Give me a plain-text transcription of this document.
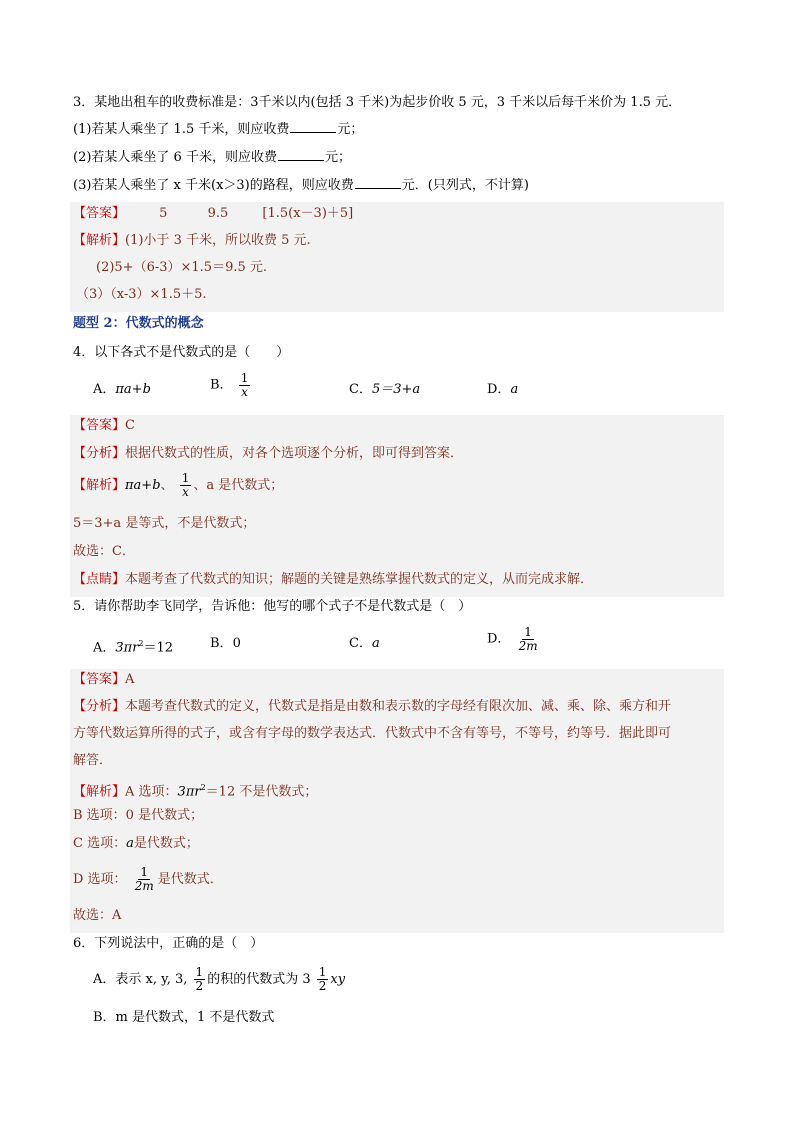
3．某地出租车的收费标准是：3千米以内(包括 3 千米)为起步价收 5 元，3 千米以后每千米价为 1.5 元．
(1)若某人乘坐了 1.5 千米，则应收费	元；
(2)若某人乘坐了 6 千米，则应收费	元；
(3)若某人乘坐了 x 千米(x＞3)的路程，则应收费	元．(只列式，不计算)
【答案】	5	9.5	[1.5(x－3)＋5]
【解析】(1)小于 3 千米，所以收费 5 元.
(2)5+（6-3）×1.5＝9.5 元.
（3）（x-3）×1.5＋5.
题型 2：代数式的概念
4．以下各式不是代数式的是（　　）
A．πa+b	B． $\frac{1}{x}$	C．5＝3+a	D．a
【答案】C
【分析】根据代数式的性质，对各个选项逐个分析，即可得到答案．
【解析】πa+b、 $\frac{1}{x}$ 、a 是代数式；
5＝3+a 是等式，不是代数式；
故选：C．
【点睛】本题考查了代数式的知识；解题的关键是熟练掌握代数式的定义，从而完成求解．
5．请你帮助李飞同学，告诉他：他写的哪个式子不是代数式是（　）
A．$3\pi r^2=12$	B．0	C．a	D． $\frac{1}{2m}$
【答案】A
【分析】本题考查代数式的定义，代数式是指是由数和表示数的字母经有限次加、减、乘、除、乘方和开
方等代数运算所得的式子，或含有字母的数学表达式．代数式中不含有等号，不等号，约等号．据此即可
解答．
【解析】A 选项：$3\pi r^2=12$ 不是代数式；
B 选项：0 是代数式；
C 选项：a是代数式；
D 选项： $\frac{1}{2m}$ 是代数式．
故选：A
6．下列说法中，正确的是（　）
A．表示 x, y, 3, $\frac{1}{2}$ 的积的代数式为 $3 \frac{1}{2}$ xy
B．m 是代数式，1 不是代数式
